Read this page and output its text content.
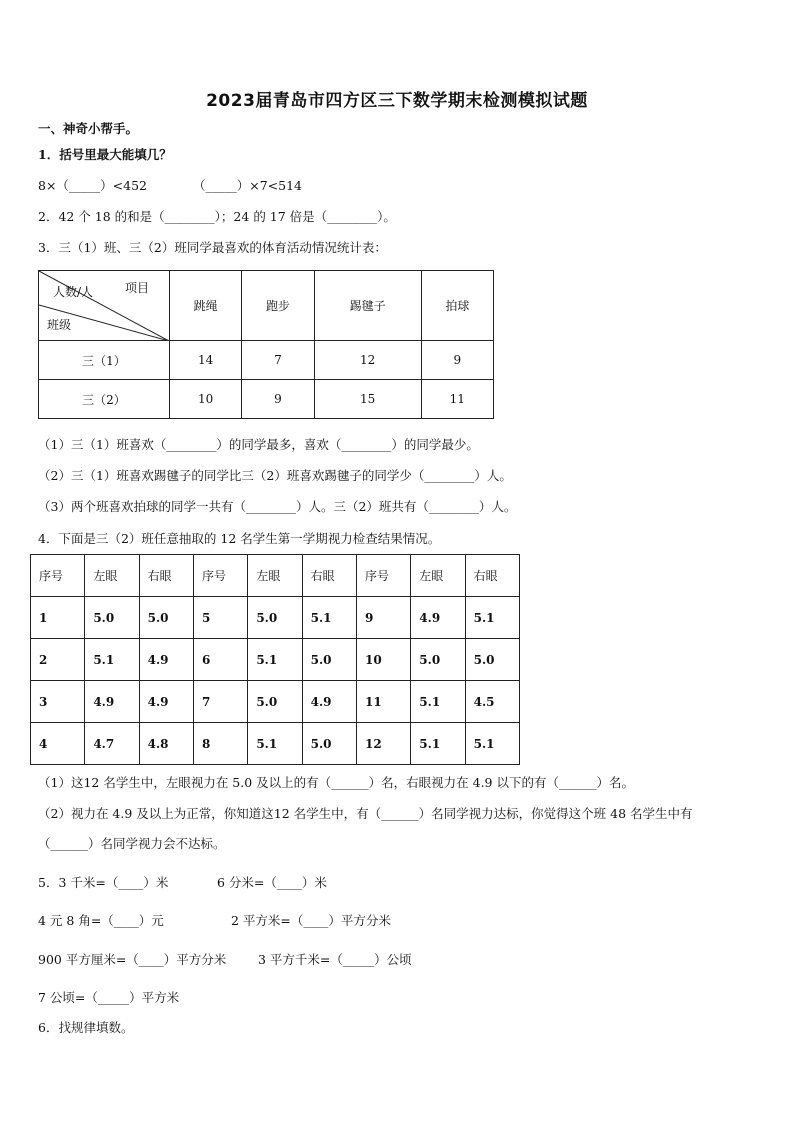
2023届青岛市四方区三下数学期末检测模拟试题
一、神奇小帮手。
1．括号里最大能填几？
8×（_____）<452	（_____）×7<514
2．42 个 18 的和是（________）；24 的 17 倍是（________）。
3．三（1）班、三（2）班同学最喜欢的体育活动情况统计表：
项目
人数/人
班级	跳绳	跑步	踢毽子	拍球
三（1）	14	7	12	9
三（2）	10	9	15	11
（1）三（1）班喜欢（________）的同学最多，喜欢（________）的同学最少。
（2）三（1）班喜欢踢毽子的同学比三（2）班喜欢踢毽子的同学少（________）人。
（3）两个班喜欢拍球的同学一共有（________）人。三（2）班共有（________）人。
4．下面是三（2）班任意抽取的 12 名学生第一学期视力检查结果情况。
序号	左眼	右眼	序号	左眼	右眼	序号	左眼	右眼
1	5.0	5.0	5	5.0	5.1	9	4.9	5.1
2	5.1	4.9	6	5.1	5.0	10	5.0	5.0
3	4.9	4.9	7	5.0	4.9	11	5.1	4.5
4	4.7	4.8	8	5.1	5.0	12	5.1	5.1
（1）这12 名学生中，左眼视力在 5.0 及以上的有（______）名，右眼视力在 4.9 以下的有（______）名。
（2）视力在 4.9 及以上为正常，你知道这12 名学生中，有（______）名同学视力达标，你觉得这个班 48 名学生中有
（______）名同学视力会不达标。
5．3 千米=（____）米	6 分米=（____）米
4 元 8 角=（____）元	2 平方米=（____）平方分米
900 平方厘米=（____）平方分米	3 平方千米=（_____）公顷
7 公顷=（_____）平方米
6．找规律填数。
